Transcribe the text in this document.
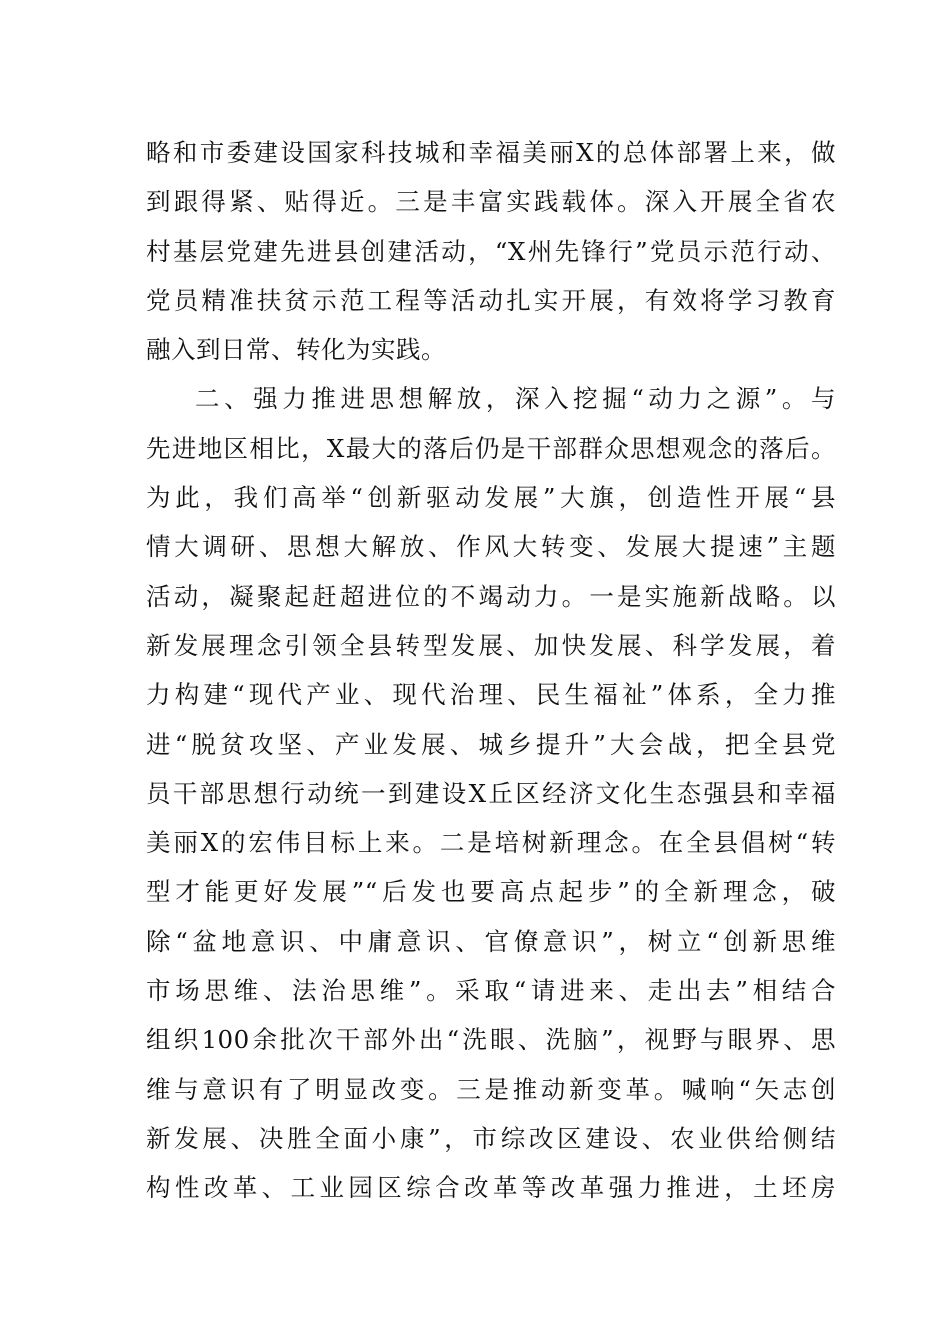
略和市委建设国家科技城和幸福美丽X的总体部署上来，做
到跟得紧、贴得近。三是丰富实践载体。深入开展全省农
村基层党建先进县创建活动，“X州先锋行”党员示范行动、
党员精准扶贫示范工程等活动扎实开展，有效将学习教育
融入到日常、转化为实践。
二、强力推进思想解放，深入挖掘“动力之源”。与
先进地区相比，X最大的落后仍是干部群众思想观念的落后。
为此，我们高举“创新驱动发展”大旗，创造性开展“县
情大调研、思想大解放、作风大转变、发展大提速”主题
活动，凝聚起赶超进位的不竭动力。一是实施新战略。以
新发展理念引领全县转型发展、加快发展、科学发展，着
力构建“现代产业、现代治理、民生福祉”体系，全力推
进“脱贫攻坚、产业发展、城乡提升”大会战，把全县党
员干部思想行动统一到建设X丘区经济文化生态强县和幸福
美丽X的宏伟目标上来。二是培树新理念。在全县倡树“转
型才能更好发展”“后发也要高点起步”的全新理念，破
除“盆地意识、中庸意识、官僚意识”，树立“创新思维
市场思维、法治思维”。采取“请进来、走出去”相结合
组织100余批次干部外出“洗眼、洗脑”，视野与眼界、思
维与意识有了明显改变。三是推动新变革。喊响“矢志创
新发展、决胜全面小康”，市综改区建设、农业供给侧结
构性改革、工业园区综合改革等改革强力推进，土坯房
